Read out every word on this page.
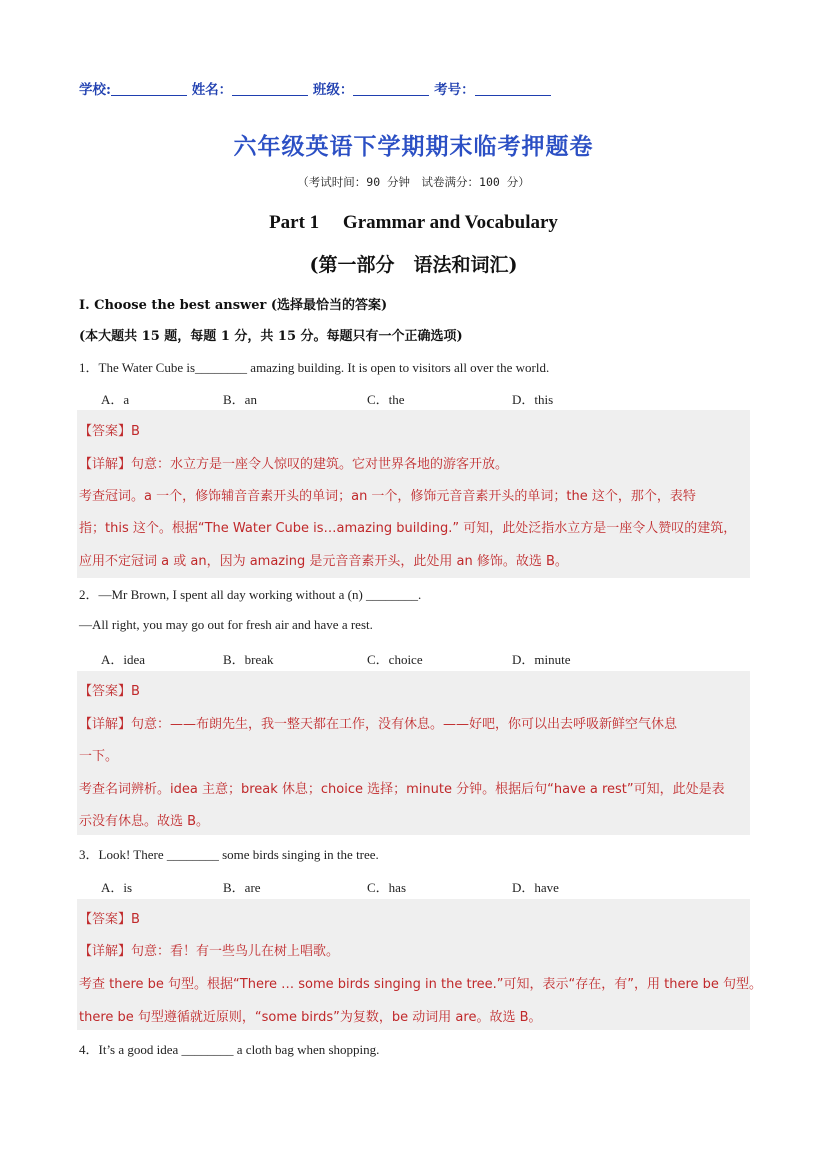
学校:	姓名：	班级：	考号：
六年级英语下学期期末临考押题卷
（考试时间：90 分钟　试卷满分：100 分）
Part 1　 Grammar and Vocabulary
(第一部分　语法和词汇)
I. Choose the best answer (选择最恰当的答案)
(本大题共 15 题，每题 1 分，共 15 分。每题只有一个正确选项)
1．The Water Cube is________ amazing building. It is open to visitors all over the world.
A．a	B．an	C．the	D．this
【答案】B
【详解】句意：水立方是一座令人惊叹的建筑。它对世界各地的游客开放。
考查冠词。a 一个，修饰辅音音素开头的单词；an 一个，修饰元音音素开头的单词；the 这个，那个，表特
指；this 这个。根据“The Water Cube is…amazing building.” 可知，此处泛指水立方是一座令人赞叹的建筑，
应用不定冠词 a 或 an，因为 amazing 是元音音素开头，此处用 an 修饰。故选 B。
2．—Mr Brown, I spent all day working without a (n) ________.
—All right, you may go out for fresh air and have a rest.
A．idea	B．break	C．choice	D．minute
【答案】B
【详解】句意：——布朗先生，我一整天都在工作，没有休息。——好吧，你可以出去呼吸新鲜空气休息
一下。
考查名词辨析。idea 主意；break 休息；choice 选择；minute 分钟。根据后句“have a rest”可知，此处是表
示没有休息。故选 B。
3．Look! There ________ some birds singing in the tree.
A．is	B．are	C．has	D．have
【答案】B
【详解】句意：看！有一些鸟儿在树上唱歌。
考查 there be 句型。根据“There … some birds singing in the tree.”可知，表示“存在，有”，用 there be 句型。
there be 句型遵循就近原则，“some birds”为复数，be 动词用 are。故选 B。
4．It’s a good idea ________ a cloth bag when shopping.
